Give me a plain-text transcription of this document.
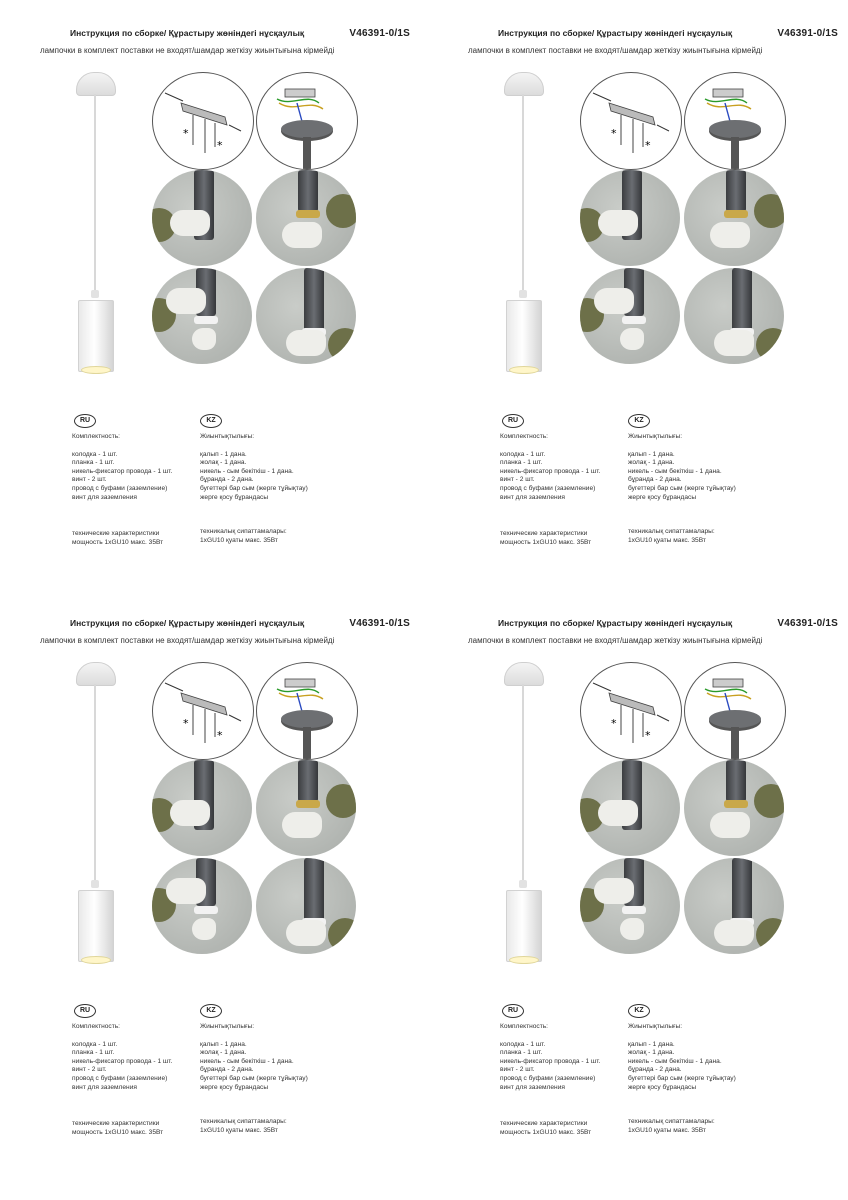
Инструкция по сборке/ Құрастыру жөніндегі нұсқаулық	V46391-0/1S
лампочки в комплект поставки не входят/шамдар жеткізу жиынтығына кірмейді
*
*
RU
Комплектность:
колодка - 1 шт.
планка - 1 шт.
никель-фиксатор провода - 1 шт.
винт - 2 шт.
провод с буфами (заземление)
винт для заземления
технические характеристики
мощность 1хGU10 макс. 35Вт
KZ
Жиынтықтылығы:
қалып - 1 дана.
жолақ - 1 дана.
никель - сым бекіткіш - 1 дана.
бұранда - 2 дана.
бугеттері бар сым (жерге тұйықтау)
жерге қосу бұрандасы
техникалық сипаттамалары:
1хGU10 қуаты макс. 35Вт
Инструкция по сборке/ Құрастыру жөніндегі нұсқаулық	V46391-0/1S
лампочки в комплект поставки не входят/шамдар жеткізу жиынтығына кірмейді
*
*
RU
Комплектность:
колодка - 1 шт.
планка - 1 шт.
никель-фиксатор провода - 1 шт.
винт - 2 шт.
провод с буфами (заземление)
винт для заземления
технические характеристики
мощность 1хGU10 макс. 35Вт
KZ
Жиынтықтылығы:
қалып - 1 дана.
жолақ - 1 дана.
никель - сым бекіткіш - 1 дана.
бұранда - 2 дана.
бугеттері бар сым (жерге тұйықтау)
жерге қосу бұрандасы
техникалық сипаттамалары:
1хGU10 қуаты макс. 35Вт
Инструкция по сборке/ Құрастыру жөніндегі нұсқаулық	V46391-0/1S
лампочки в комплект поставки не входят/шамдар жеткізу жиынтығына кірмейді
*
*
RU
Комплектность:
колодка - 1 шт.
планка - 1 шт.
никель-фиксатор провода - 1 шт.
винт - 2 шт.
провод с буфами (заземление)
винт для заземления
технические характеристики
мощность 1хGU10 макс. 35Вт
KZ
Жиынтықтылығы:
қалып - 1 дана.
жолақ - 1 дана.
никель - сым бекіткіш - 1 дана.
бұранда - 2 дана.
бугеттері бар сым (жерге тұйықтау)
жерге қосу бұрандасы
техникалық сипаттамалары:
1хGU10 қуаты макс. 35Вт
Инструкция по сборке/ Құрастыру жөніндегі нұсқаулық	V46391-0/1S
лампочки в комплект поставки не входят/шамдар жеткізу жиынтығына кірмейді
*
*
RU
Комплектность:
колодка - 1 шт.
планка - 1 шт.
никель-фиксатор провода - 1 шт.
винт - 2 шт.
провод с буфами (заземление)
винт для заземления
технические характеристики
мощность 1хGU10 макс. 35Вт
KZ
Жиынтықтылығы:
қалып - 1 дана.
жолақ - 1 дана.
никель - сым бекіткіш - 1 дана.
бұранда - 2 дана.
бугеттері бар сым (жерге тұйықтау)
жерге қосу бұрандасы
техникалық сипаттамалары:
1хGU10 қуаты макс. 35Вт
